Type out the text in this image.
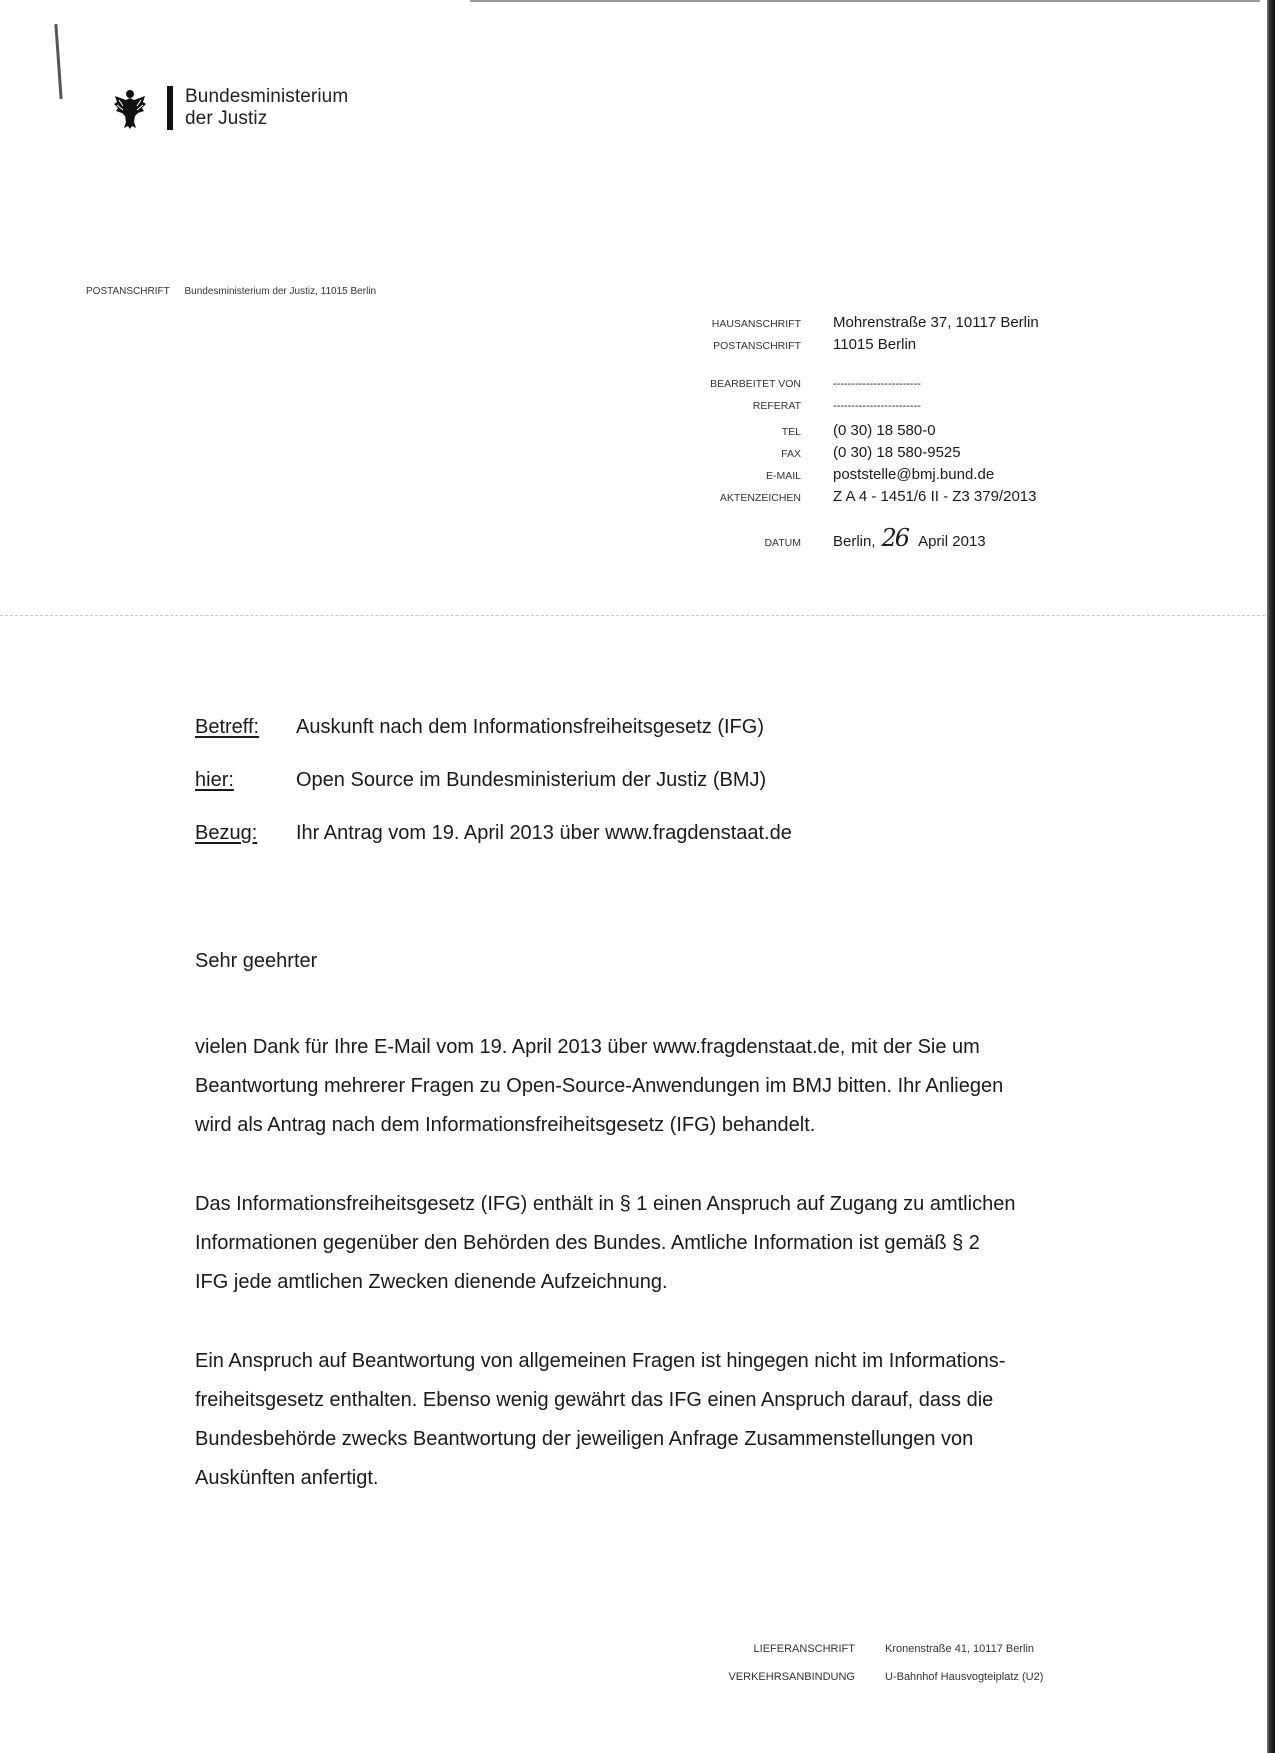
Bundesministerium
der Justiz
POSTANSCHRIFT Bundesministerium der Justiz, 11015 Berlin
HAUSANSCHRIFT	Mohrenstraße 37, 10117 Berlin
POSTANSCHRIFT	11015 Berlin
BEARBEITET VON	------------------------
REFERAT	------------------------
TEL	(0 30) 18 580-0
FAX	(0 30) 18 580-9525
E-MAIL	poststelle@bmj.bund.de
AKTENZEICHEN	Z A 4 - 1451/6 II - Z3 379/2013
DATUM	Berlin, 26 April 2013
Betreff:	Auskunft nach dem Informationsfreiheitsgesetz (IFG)
hier:	Open Source im Bundesministerium der Justiz (BMJ)
Bezug:	Ihr Antrag vom 19. April 2013 über www.fragdenstaat.de
Sehr geehrter

vielen Dank für Ihre E-Mail vom 19. April 2013 über www.fragdenstaat.de, mit der Sie um
Beantwortung mehrerer Fragen zu Open-Source-Anwendungen im BMJ bitten. Ihr Anliegen
wird als Antrag nach dem Informationsfreiheitsgesetz (IFG) behandelt.

Das Informationsfreiheitsgesetz (IFG) enthält in § 1 einen Anspruch auf Zugang zu amtlichen
Informationen gegenüber den Behörden des Bundes. Amtliche Information ist gemäß § 2
IFG jede amtlichen Zwecken dienende Aufzeichnung.

Ein Anspruch auf Beantwortung von allgemeinen Fragen ist hingegen nicht im Informations-
freiheitsgesetz enthalten. Ebenso wenig gewährt das IFG einen Anspruch darauf, dass die
Bundesbehörde zwecks Beantwortung der jeweiligen Anfrage Zusammenstellungen von
Auskünften anfertigt.

LIEFERANSCHRIFT	Kronenstraße 41, 10117 Berlin
VERKEHRSANBINDUNG	U-Bahnhof Hausvogteiplatz (U2)
